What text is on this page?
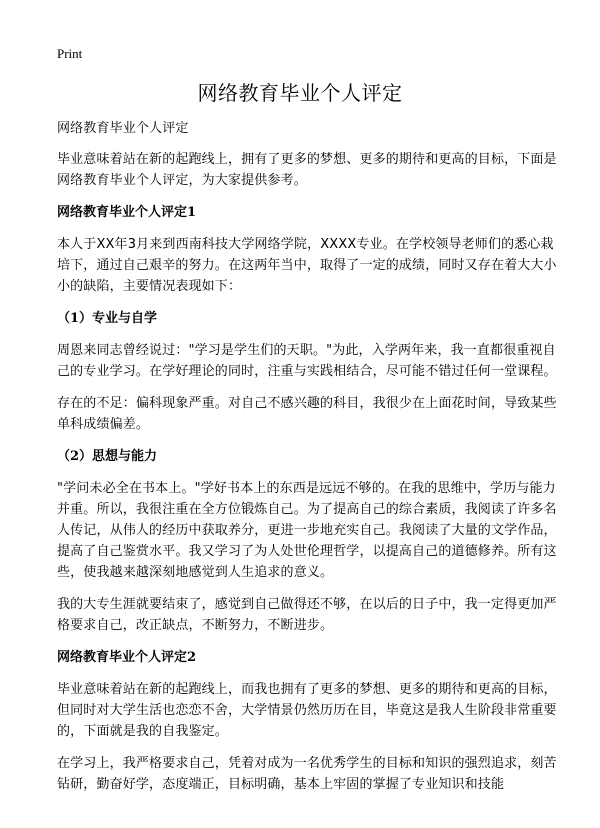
Print
网络教育毕业个人评定

网络教育毕业个人评定

毕业意味着站在新的起跑线上，拥有了更多的梦想、更多的期待和更高的目标，下面是网络教育毕业个人评定，为大家提供参考。

网络教育毕业个人评定1

本人于XX年3月来到西南科技大学网络学院，XXXX专业。在学校领导老师们的悉心栽培下，通过自己艰辛的努力。在这两年当中，取得了一定的成绩，同时又存在着大大小小的缺陷，主要情况表现如下：

（1）专业与自学

周恩来同志曾经说过："学习是学生们的天职。"为此，入学两年来，我一直都很重视自己的专业学习。在学好理论的同时，注重与实践相结合，尽可能不错过任何一堂课程。

存在的不足：偏科现象严重。对自己不感兴趣的科目，我很少在上面花时间，导致某些单科成绩偏差。

（2）思想与能力

"学问未必全在书本上。"学好书本上的东西是远远不够的。在我的思维中，学历与能力并重。所以，我很注重在全方位锻炼自己。为了提高自己的综合素质，我阅读了许多名人传记，从伟人的经历中获取养分，更进一步地充实自己。我阅读了大量的文学作品，提高了自己鉴赏水平。我又学习了为人处世伦理哲学，以提高自己的道德修养。所有这些，使我越来越深刻地感觉到人生追求的意义。

我的大专生涯就要结束了，感觉到自己做得还不够，在以后的日子中，我一定得更加严格要求自己，改正缺点，不断努力，不断进步。

网络教育毕业个人评定2

毕业意味着站在新的起跑线上，而我也拥有了更多的梦想、更多的期待和更高的目标，但同时对大学生活也恋恋不舍，大学情景仍然历历在目，毕竟这是我人生阶段非常重要的，下面就是我的自我鉴定。

在学习上，我严格要求自己，凭着对成为一名优秀学生的目标和知识的强烈追求，刻苦钻研，勤奋好学，态度端正，目标明确，基本上牢固的掌握了专业知识和技能
